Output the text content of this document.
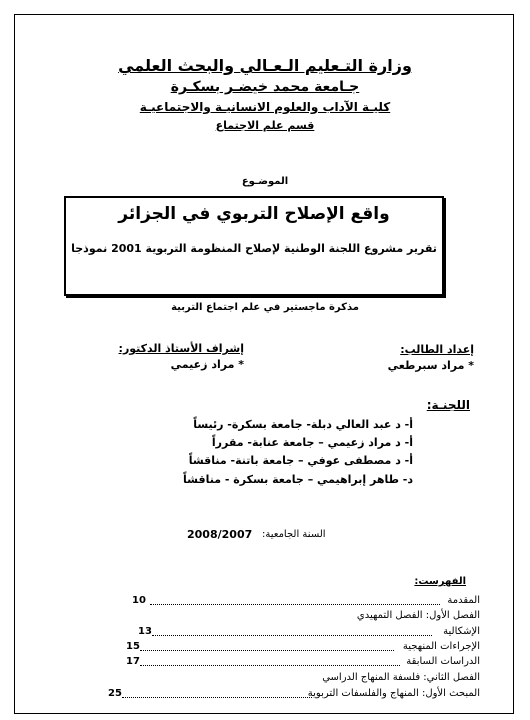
وزارة التـعليم الـعـالي والبحث العلمي
جـامعة محمد خيضـر بسكـرة
كليـة الآداب والعلوم الانسانيـة والاجتماعيـة
قسم علم الاجتماع
الموضـوع
واقع الإصلاح التربوي في الجزائر
تقرير مشروع اللجنة الوطنية لإصلاح المنظومة التربوية 2001 نموذجا
مذكرة ماجستير في علم اجتماع التربية
إعداد الطالب:
* مراد سبرطعي
إشراف الأستاذ الدكتور:
* مراد زعيمي
اللجنـة:
أ- د عبد العالي دبلة- جامعة بسكرة- رئيساً
أ- د مراد زعيمي – جامعة عنابة- مقرراً
أ- د مصطفى عوفي – جامعة باتنة- مناقشاً
د- طاهر إبراهيمي – جامعة بسكرة - مناقشاً
2008/2007 السنة الجامعية:
الفهرست:
10	المقدمة
الفصل الأول: الفصل التمهيدي
13	الإشكالية
15	الإجراءات المنهجية
17	الدراسات السابقة
الفصل الثاني: فلسفة المنهاج الدراسي
25	المبحث الأول: المنهاج والفلسفات التربوية
